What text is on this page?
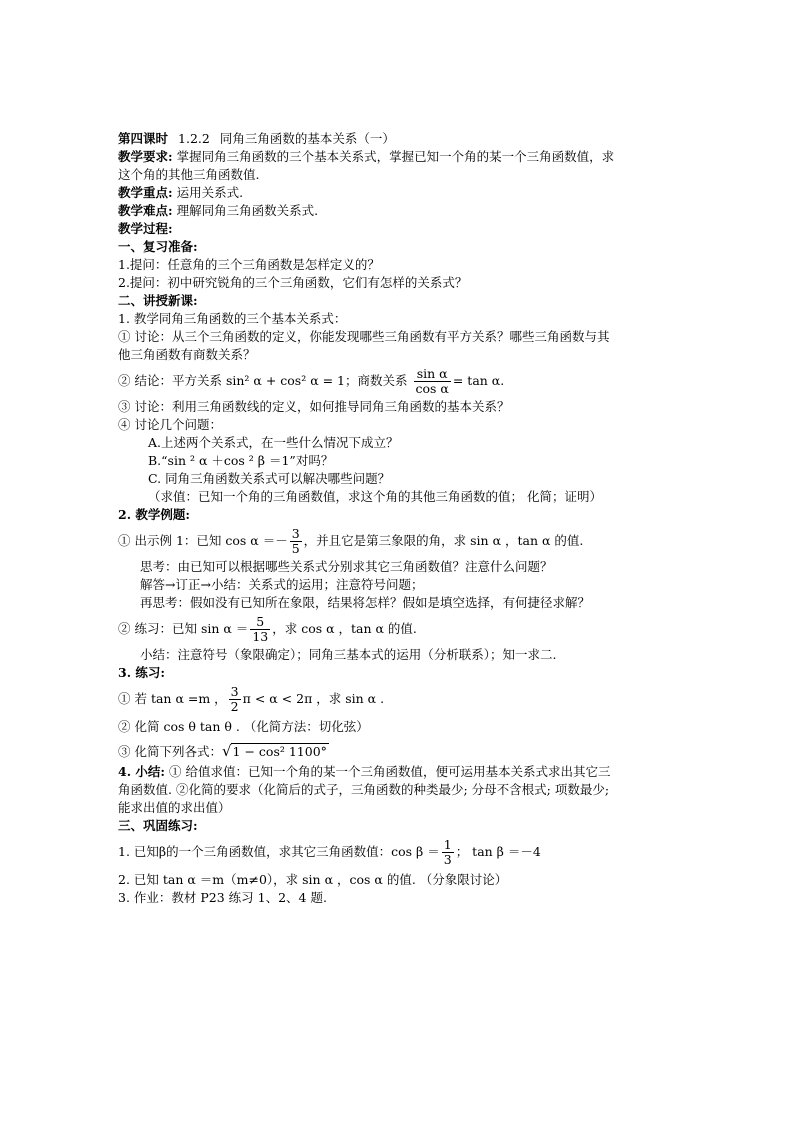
第四课时 1.2.2 同角三角函数的基本关系（一）
教学要求: 掌握同角三角函数的三个基本关系式，掌握已知一个角的某一个三角函数值，求
这个角的其他三角函数值.
教学重点: 运用关系式.
教学难点: 理解同角三角函数关系式.
教学过程:
一、复习准备:
1.提问：任意角的三个三角函数是怎样定义的？
2.提问：初中研究锐角的三个三角函数，它们有怎样的关系式？
二、讲授新课:
1. 教学同角三角函数的三个基本关系式：
① 讨论：从三个三角函数的定义，你能发现哪些三角函数有平方关系？哪些三角函数与其
他三角函数有商数关系？
② 结论：平方关系 sin² α + cos² α = 1；商数关系 $\frac{\text{sin α}}{\text{cos α}} = \tan \alpha$.
③ 讨论：利用三角函数线的定义，如何推导同角三角函数的基本关系？
④ 讨论几个问题：
A.上述两个关系式，在一些什么情况下成立？
B.“sin ² α ＋cos ² β ＝1”对吗？
C. 同角三角函数关系式可以解决哪些问题？
（求值：已知一个角的三角函数值，求这个角的其他三角函数的值； 化简；证明）
2. 教学例题:
① 出示例 1：已知 $\cos \alpha =- \frac{3}{5}$ ，并且它是第三象限的角，求 sin α ，tan α 的值.
思考：由已知可以根据哪些关系式分别求其它三角函数值？注意什么问题？
解答→订正→小结：关系式的运用；注意符号问题；
再思考：假如没有已知所在象限，结果将怎样？假如是填空选择，有何捷径求解？
② 练习：已知 $\sin \alpha = \frac{5}{13}$ ，求 cos α ，tan α 的值.
小结：注意符号（象限确定）；同角三基本式的运用（分析联系）；知一求二.
3. 练习:
① 若 tan α =m ， $\frac{3}{2}$ π < α < 2π ，求 sin α .
② 化简 cos θ tan θ . （化简方法：切化弦）
③ 化简下列各式：√1 − cos² 1100°
4. 小结: ① 给值求值：已知一个角的某一个三角函数值，便可运用基本关系式求出其它三
角函数值. ②化简的要求（化简后的式子，三角函数的种类最少; 分母不含根式; 项数最少;
能求出值的求出值）
三、巩固练习:
1. 已知β的一个三角函数值，求其它三角函数值：$\cos \beta = \frac{1}{3}$ ； tan β ＝－4
2. 已知 tan α ＝m（m≠0），求 sin α ，cos α 的值. （分象限讨论）
3. 作业：教材 P23 练习 1、2、4 题.
